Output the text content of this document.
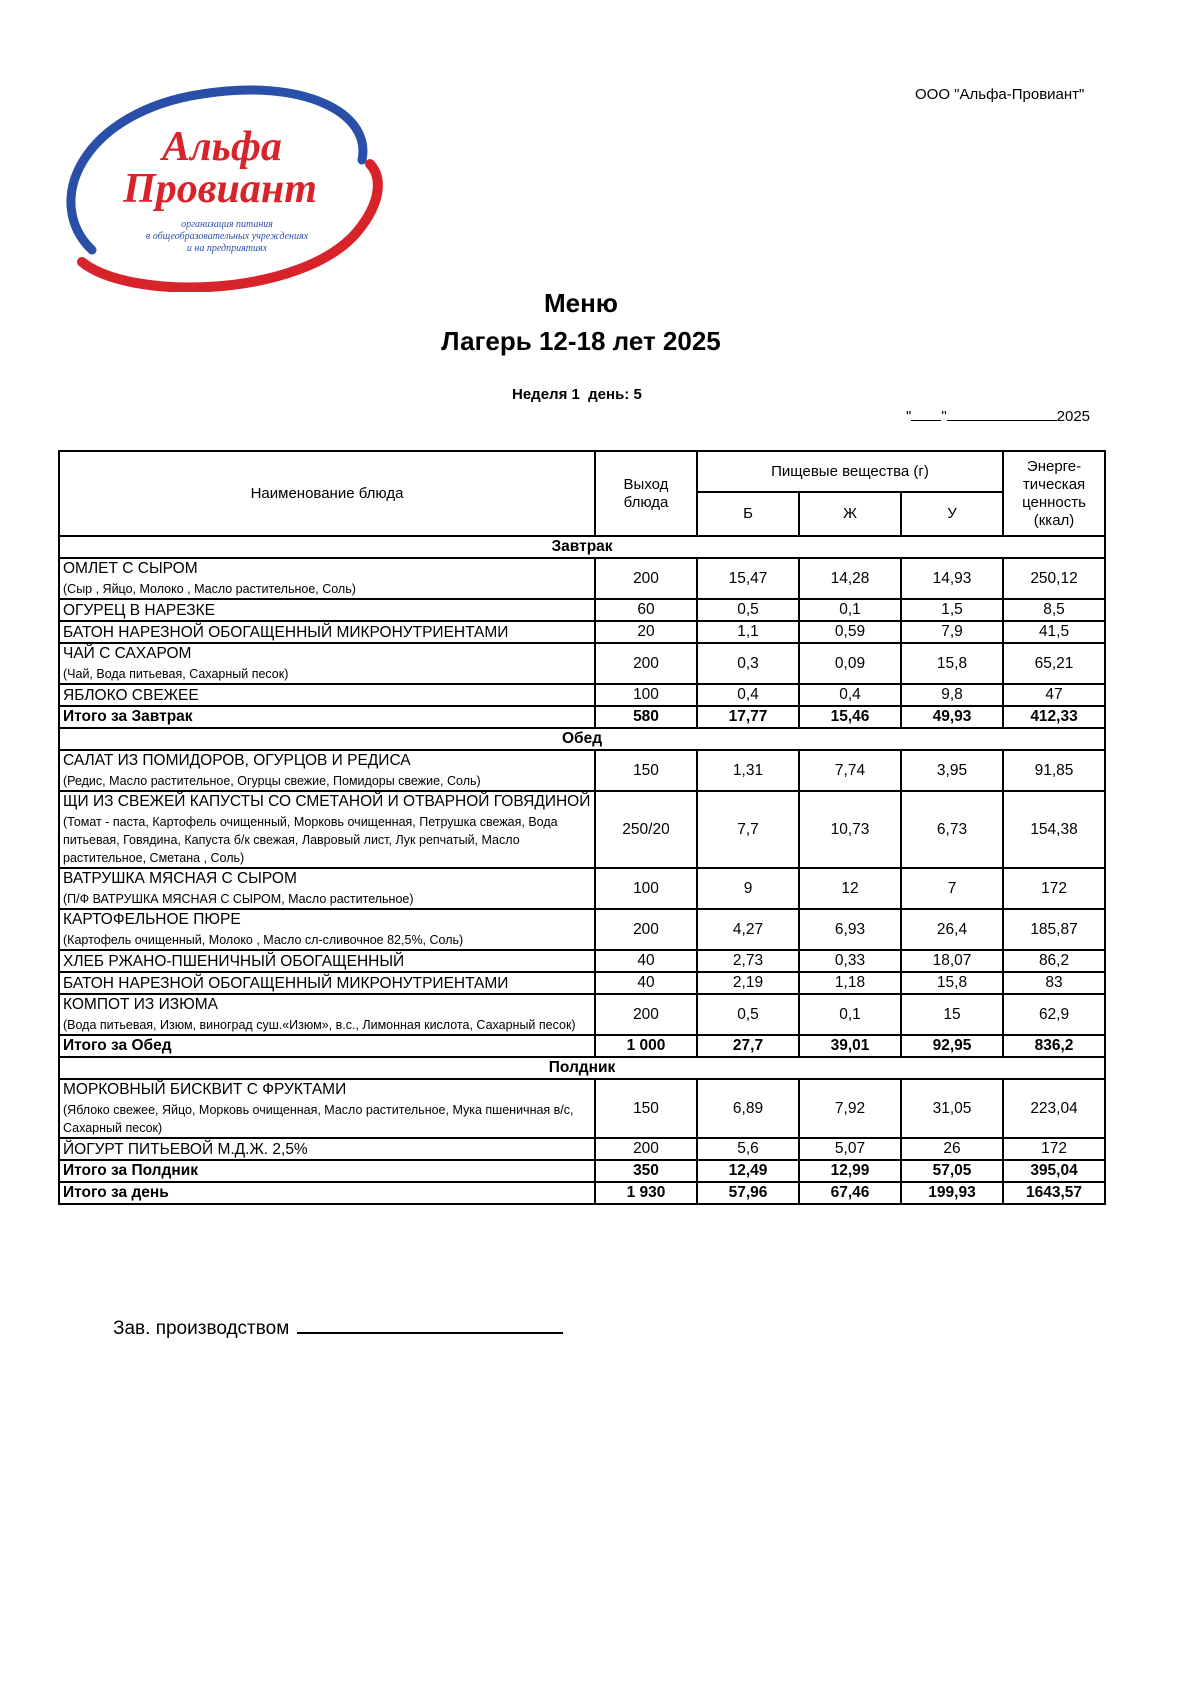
ООО "Альфа-Провиант"
Альфа
Провиант
организация питания
в общеобразовательных учреждениях
и на предприятиях
Меню
Лагерь 12-18 лет 2025
Неделя 1  день: 5
" "	2025
Наименование блюда	Выход блюда	Пищевые вещества (г)			Энерге-тическая ценность (ккал)
		Б	Ж	У	
Завтрак					

ОМЛЕТ С СЫРОМ
(Сыр , Яйцо, Молоко , Масло растительное, Соль)	200	15,47	14,28	14,93	250,12

ОГУРЕЦ В НАРЕЗКЕ	60	0,5	0,1	1,5	8,5

БАТОН НАРЕЗНОЙ ОБОГАЩЕННЫЙ МИКРОНУТРИЕНТАМИ	20	1,1	0,59	7,9	41,5

ЧАЙ С САХАРОМ
(Чай, Вода питьевая, Сахарный песок)	200	0,3	0,09	15,8	65,21

ЯБЛОКО СВЕЖЕЕ	100	0,4	0,4	9,8	47
Итого за Завтрак	580	17,77	15,46	49,93	412,33
Обед					

САЛАТ ИЗ ПОМИДОРОВ, ОГУРЦОВ И РЕДИСА
(Редис, Масло растительное, Огурцы свежие, Помидоры свежие, Соль)	150	1,31	7,74	3,95	91,85

ЩИ ИЗ СВЕЖЕЙ КАПУСТЫ СО СМЕТАНОЙ И ОТВАРНОЙ ГОВЯДИНОЙ
(Томат - паста, Картофель очищенный, Морковь очищенная, Петрушка свежая, Вода питьевая, Говядина, Капуста б/к свежая, Лавровый лист, Лук репчатый, Масло растительное, Сметана , Соль)	250/20	7,7	10,73	6,73	154,38

ВАТРУШКА МЯСНАЯ С СЫРОМ
(П/Ф ВАТРУШКА МЯСНАЯ С СЫРОМ, Масло растительное)	100	9	12	7	172

КАРТОФЕЛЬНОЕ ПЮРЕ
(Картофель очищенный, Молоко , Масло сл-сливочное 82,5%, Соль)	200	4,27	6,93	26,4	185,87

ХЛЕБ РЖАНО-ПШЕНИЧНЫЙ ОБОГАЩЕННЫЙ	40	2,73	0,33	18,07	86,2

БАТОН НАРЕЗНОЙ ОБОГАЩЕННЫЙ МИКРОНУТРИЕНТАМИ	40	2,19	1,18	15,8	83

КОМПОТ ИЗ ИЗЮМА
(Вода питьевая, Изюм, виноград суш.«Изюм», в.с., Лимонная кислота, Сахарный песок)	200	0,5	0,1	15	62,9
Итого за Обед	1 000	27,7	39,01	92,95	836,2
Полдник					

МОРКОВНЫЙ БИСКВИТ С ФРУКТАМИ
(Яблоко свежее, Яйцо, Морковь очищенная, Масло растительное, Мука пшеничная в/с, Сахарный песок)	150	6,89	7,92	31,05	223,04

ЙОГУРТ ПИТЬЕВОЙ М.Д.Ж. 2,5%	200	5,6	5,07	26	172
Итого за Полдник	350	12,49	12,99	57,05	395,04
Итого за день	1 930	57,96	67,46	199,93	1643,57
Зав. производством
